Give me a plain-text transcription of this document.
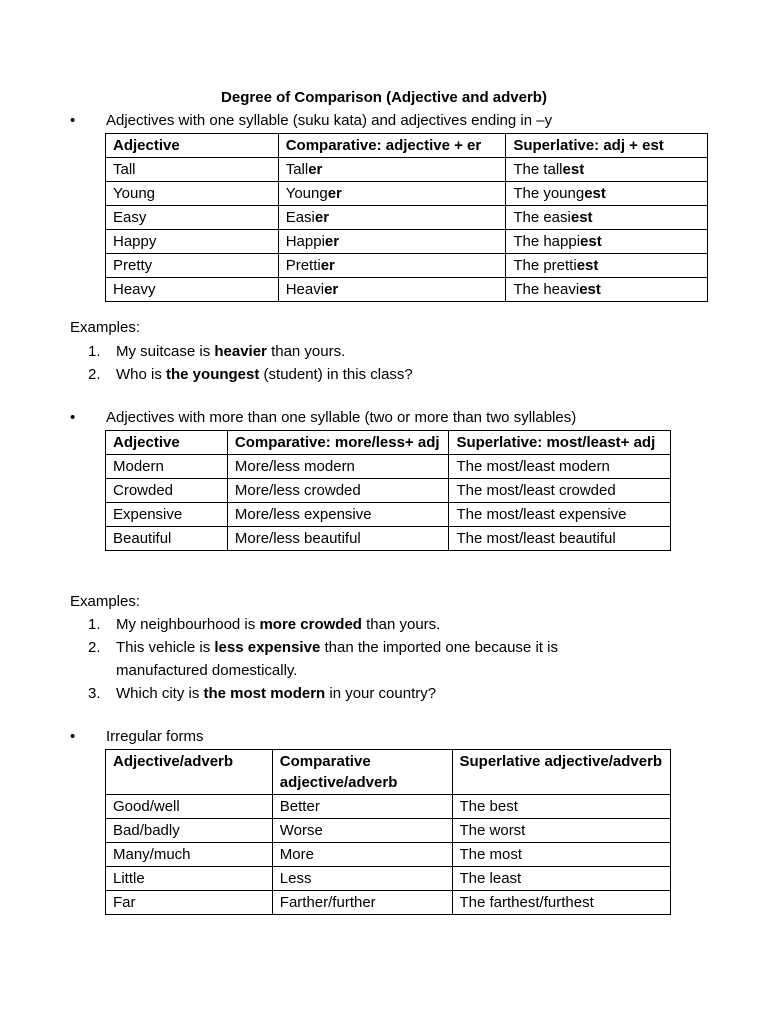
Degree of Comparison (Adjective and adverb)
• Adjectives with one syllable (suku kata) and adjectives ending in –y
Adjective	Comparative: adjective + er	Superlative: adj + est
Tall	Taller	The tallest
Young	Younger	The youngest
Easy	Easier	The easiest
Happy	Happier	The happiest
Pretty	Prettier	The prettiest
Heavy	Heavier	The heaviest
Examples:
1. My suitcase is heavier than yours.
2. Who is the youngest (student) in this class?
• Adjectives with more than one syllable (two or more than two syllables)
Adjective	Comparative: more/less+ adj	Superlative: most/least+ adj
Modern	More/less modern	The most/least modern
Crowded	More/less crowded	The most/least crowded
Expensive	More/less expensive	The most/least expensive
Beautiful	More/less beautiful	The most/least beautiful
Examples:
1. My neighbourhood is more crowded than yours.
2. This vehicle is less expensive than the imported one because it is
manufactured domestically.
3. Which city is the most modern in your country?
• Irregular forms
Adjective/adverb	Comparative adjective/adverb	Superlative adjective/adverb
Good/well	Better	The best
Bad/badly	Worse	The worst
Many/much	More	The most
Little	Less	The least
Far	Farther/further	The farthest/furthest
